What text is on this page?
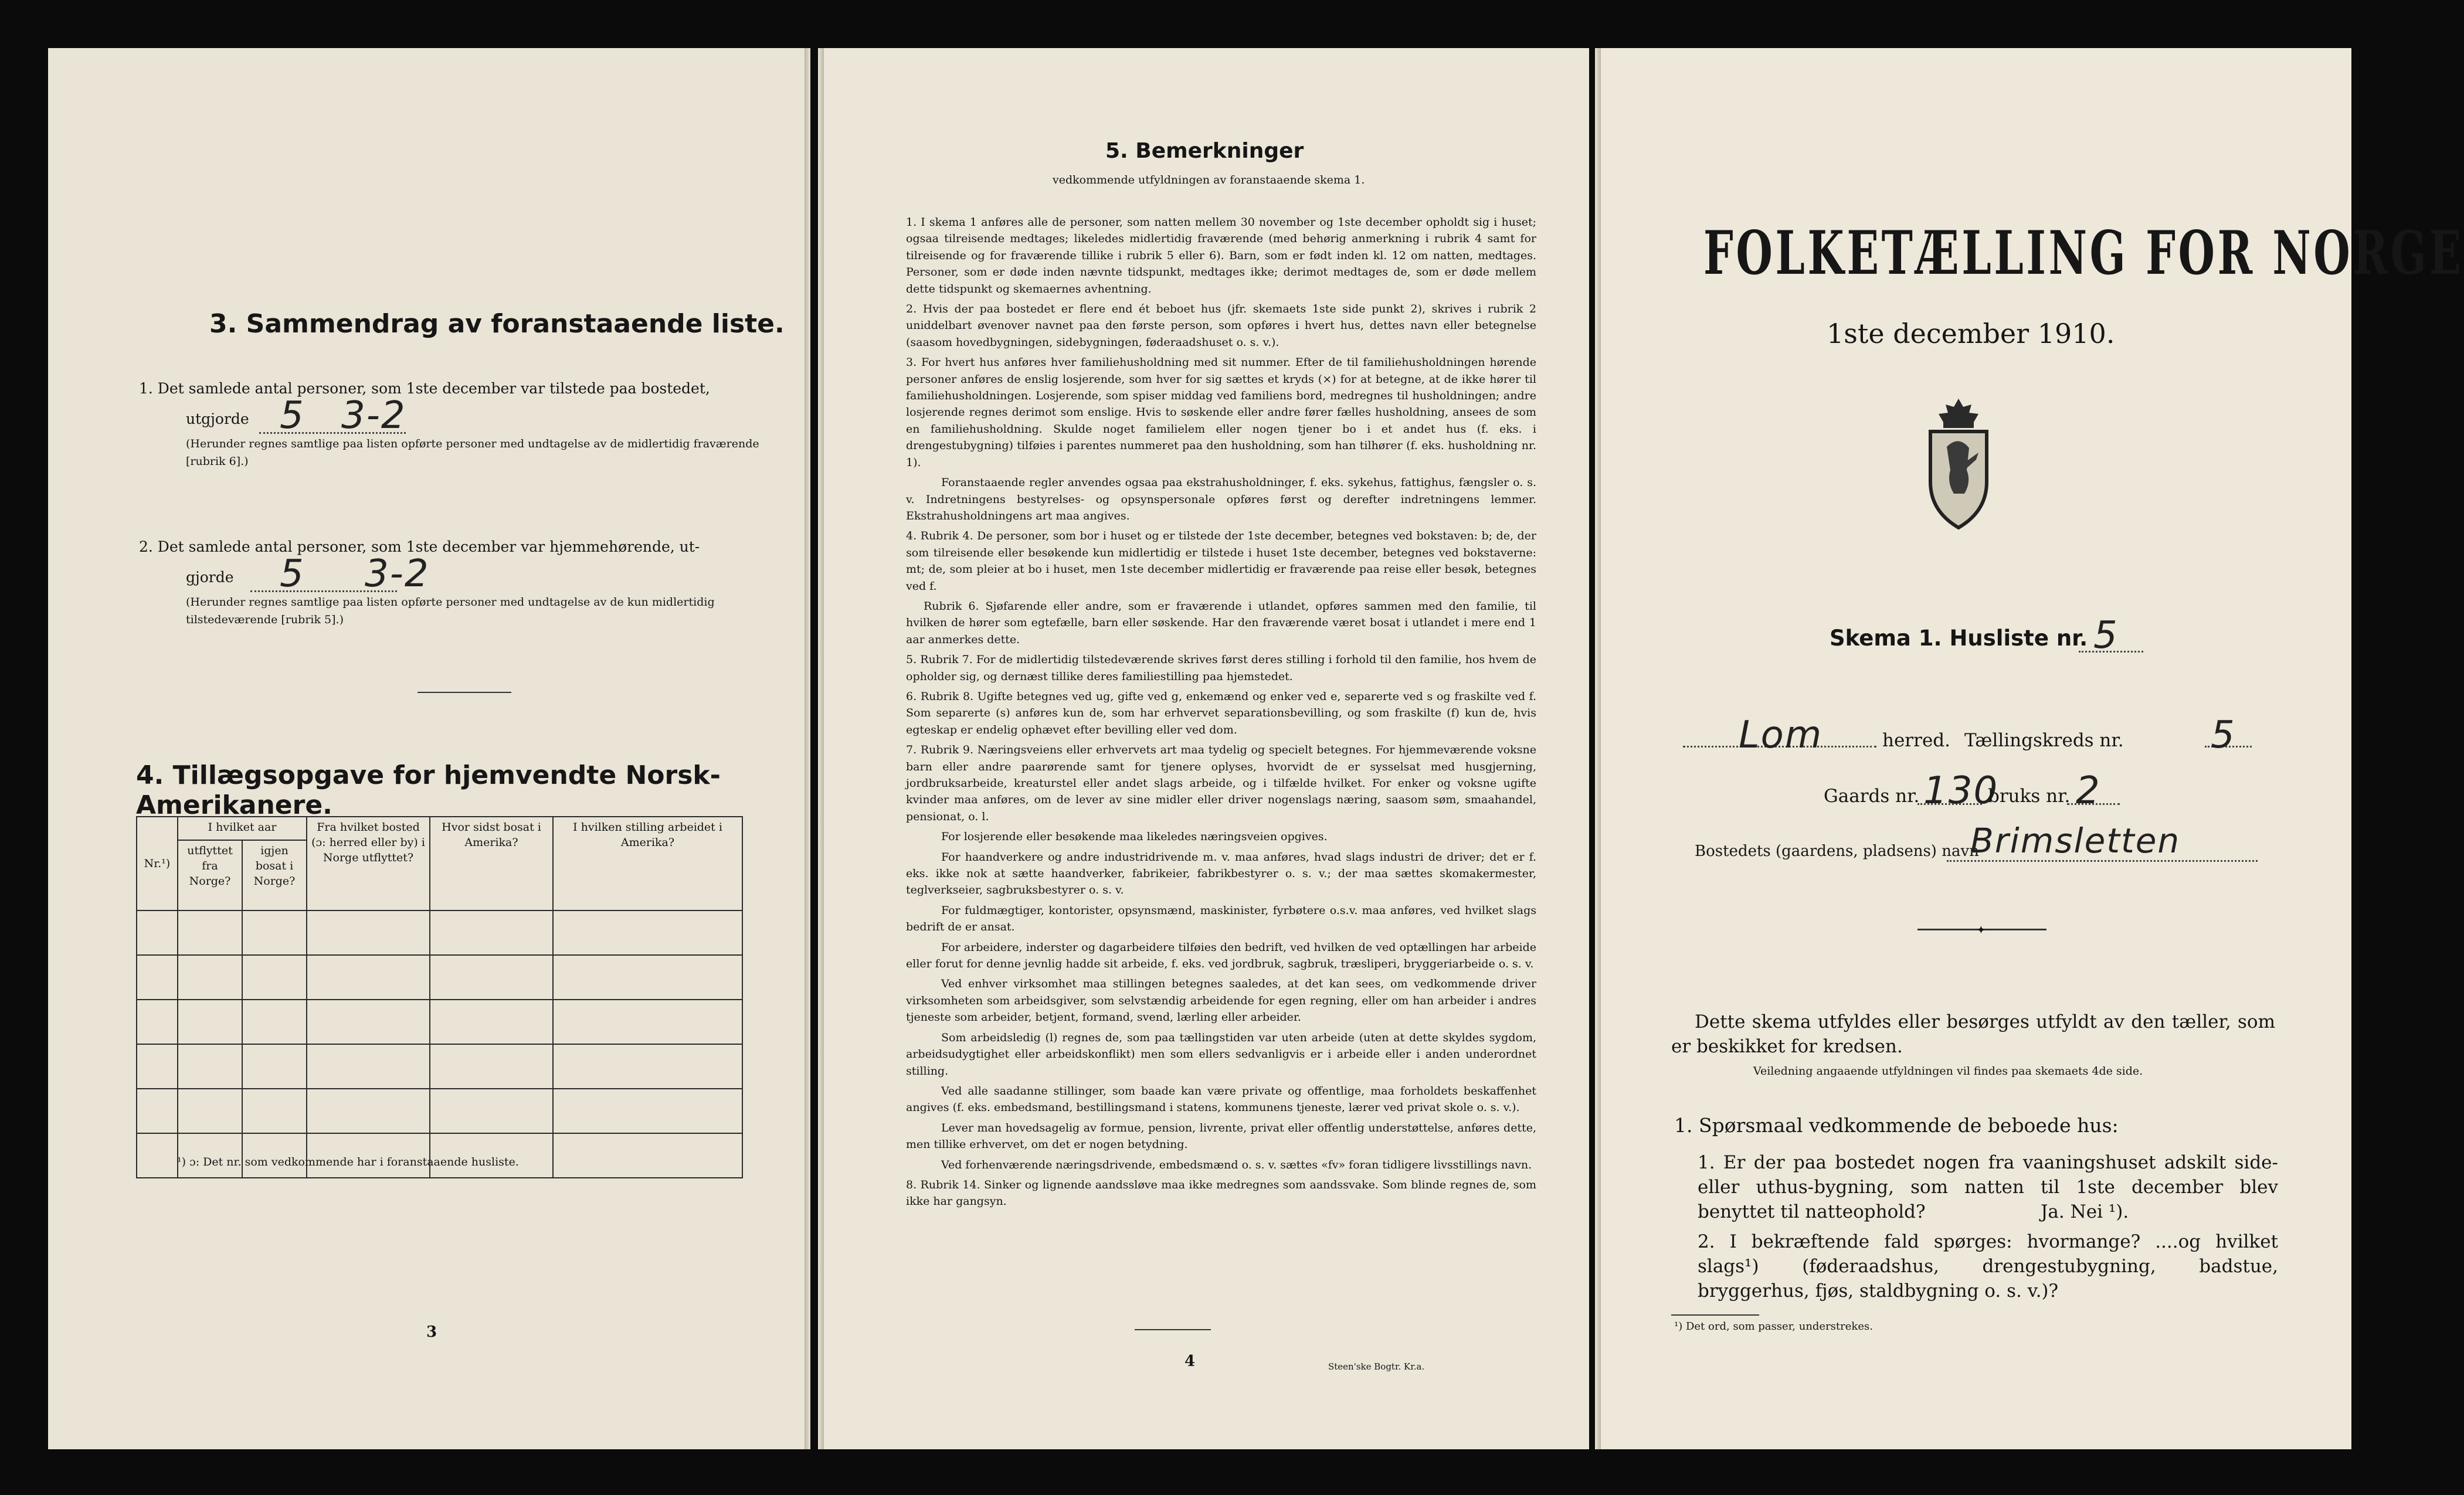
3. Sammendrag av foranstaaende liste.
1. Det samlede antal personer, som 1ste december var tilstede paa bostedet,
utgjorde 5 3-2
(Herunder regnes samtlige paa listen opførte personer med undtagelse av de midlertidig fraværende [rubrik 6].)
2. Det samlede antal personer, som 1ste december var hjemmehørende, ut-
gjorde 5 3-2
(Herunder regnes samtlige paa listen opførte personer med undtagelse av de kun midlertidig tilstedeværende [rubrik 5].)
4. Tillægsopgave for hjemvendte Norsk-Amerikanere.
Nr.¹)	I hvilket aar		Fra hvilket bosted (ɔ: herred eller by) i Norge utflyttet?	Hvor sidst bosat i Amerika?	I hvilken stilling arbeidet i Amerika?
	utflyttet fra Norge?	igjen bosat i Norge?			

¹) ɔ: Det nr. som vedkommende har i foranstaaende husliste.
3
5. Bemerkninger
vedkommende utfyldningen av foranstaaende skema 1.

1. I skema 1 anføres alle de personer, som natten mellem 30 november og 1ste december opholdt sig i huset; ogsaa tilreisende medtages; likeledes midlertidig fraværende (med behørig anmerkning i rubrik 4 samt for tilreisende og for fraværende tillike i rubrik 5 eller 6). Barn, som er født inden kl. 12 om natten, medtages. Personer, som er døde inden nævnte tidspunkt, medtages ikke; derimot medtages de, som er døde mellem dette tidspunkt og skemaernes avhentning.

2. Hvis der paa bostedet er flere end ét beboet hus (jfr. skemaets 1ste side punkt 2), skrives i rubrik 2 uniddelbart øvenover navnet paa den første person, som opføres i hvert hus, dettes navn eller betegnelse (saasom hovedbygningen, sidebygningen, føderaadshuset o. s. v.).

3. For hvert hus anføres hver familiehusholdning med sit nummer. Efter de til familiehusholdningen hørende personer anføres de enslig losjerende, som hver for sig sættes et kryds (×) for at betegne, at de ikke hører til familiehusholdningen. Losjerende, som spiser middag ved familiens bord, medregnes til husholdningen; andre losjerende regnes derimot som enslige. Hvis to søskende eller andre fører fælles husholdning, ansees de som en familiehusholdning. Skulde noget familielem eller nogen tjener bo i et andet hus (f. eks. i drengestubygning) tilføies i parentes nummeret paa den husholdning, som han tilhører (f. eks. husholdning nr. 1).

Foranstaaende regler anvendes ogsaa paa ekstrahusholdninger, f. eks. sykehus, fattighus, fængsler o. s. v. Indretningens bestyrelses- og opsynspersonale opføres først og derefter indretningens lemmer. Ekstrahusholdningens art maa angives.

4. Rubrik 4. De personer, som bor i huset og er tilstede der 1ste december, betegnes ved bokstaven: b; de, der som tilreisende eller besøkende kun midlertidig er tilstede i huset 1ste december, betegnes ved bokstaverne: mt; de, som pleier at bo i huset, men 1ste december midlertidig er fraværende paa reise eller besøk, betegnes ved f.

Rubrik 6. Sjøfarende eller andre, som er fraværende i utlandet, opføres sammen med den familie, til hvilken de hører som egtefælle, barn eller søskende. Har den fraværende været bosat i utlandet i mere end 1 aar anmerkes dette.

5. Rubrik 7. For de midlertidig tilstedeværende skrives først deres stilling i forhold til den familie, hos hvem de opholder sig, og dernæst tillike deres familiestilling paa hjemstedet.

6. Rubrik 8. Ugifte betegnes ved ug, gifte ved g, enkemænd og enker ved e, separerte ved s og fraskilte ved f. Som separerte (s) anføres kun de, som har erhvervet separationsbevilling, og som fraskilte (f) kun de, hvis egteskap er endelig ophævet efter bevilling eller ved dom.

7. Rubrik 9. Næringsveiens eller erhvervets art maa tydelig og specielt betegnes. For hjemmeværende voksne barn eller andre paarørende samt for tjenere oplyses, hvorvidt de er sysselsat med husgjerning, jordbruksarbeide, kreaturstel eller andet slags arbeide, og i tilfælde hvilket. For enker og voksne ugifte kvinder maa anføres, om de lever av sine midler eller driver nogenslags næring, saasom søm, smaahandel, pensionat, o. l.

For losjerende eller besøkende maa likeledes næringsveien opgives.

For haandverkere og andre industridrivende m. v. maa anføres, hvad slags industri de driver; det er f. eks. ikke nok at sætte haandverker, fabrikeier, fabrikbestyrer o. s. v.; der maa sættes skomakermester, teglverkseier, sagbruksbestyrer o. s. v.

For fuldmægtiger, kontorister, opsynsmænd, maskinister, fyrbøtere o.s.v. maa anføres, ved hvilket slags bedrift de er ansat.

For arbeidere, inderster og dagarbeidere tilføies den bedrift, ved hvilken de ved optællingen har arbeide eller forut for denne jevnlig hadde sit arbeide, f. eks. ved jordbruk, sagbruk, træsliperi, bryggeriarbeide o. s. v.

Ved enhver virksomhet maa stillingen betegnes saaledes, at det kan sees, om vedkommende driver virksomheten som arbeidsgiver, som selvstændig arbeidende for egen regning, eller om han arbeider i andres tjeneste som arbeider, betjent, formand, svend, lærling eller arbeider.

Som arbeidsledig (l) regnes de, som paa tællingstiden var uten arbeide (uten at dette skyldes sygdom, arbeidsudygtighet eller arbeidskonflikt) men som ellers sedvanligvis er i arbeide eller i anden underordnet stilling.

Ved alle saadanne stillinger, som baade kan være private og offentlige, maa forholdets beskaffenhet angives (f. eks. embedsmand, bestillingsmand i statens, kommunens tjeneste, lærer ved privat skole o. s. v.).

Lever man hovedsagelig av formue, pension, livrente, privat eller offentlig understøttelse, anføres dette, men tillike erhvervet, om det er nogen betydning.

Ved forhenværende næringsdrivende, embedsmænd o. s. v. sættes «fv» foran tidligere livsstillings navn.

8. Rubrik 14. Sinker og lignende aandssløve maa ikke medregnes som aandssvake. Som blinde regnes de, som ikke har gangsyn.

4	Steen'ske Bogtr. Kr.a.
FOLKETÆLLING FOR NORGE
1ste december 1910.
Skema 1. Husliste nr. 5
Lom	herred. Tællingskreds nr. 5
Gaards nr. 130
bruks nr. 2
Bostedets (gaardens, pladsens) navn
Brimsletten
✦
Dette skema utfyldes eller besørges utfyldt av den tæller, som er beskikket for kredsen.
Veiledning angaaende utfyldningen vil findes paa skemaets 4de side.
1. Spørsmaal vedkommende de beboede hus:
1. Er der paa bostedet nogen fra vaaningshuset adskilt side- eller uthus-bygning, som natten til 1ste december blev benyttet til natteophold?	Ja. Nei ¹).
2. I bekræftende fald spørges: hvormange? ....og hvilket slags¹) (føderaadshus, drengestubygning, badstue, bryggerhus, fjøs, staldbygning o. s. v.)?
¹) Det ord, som passer, understrekes.
